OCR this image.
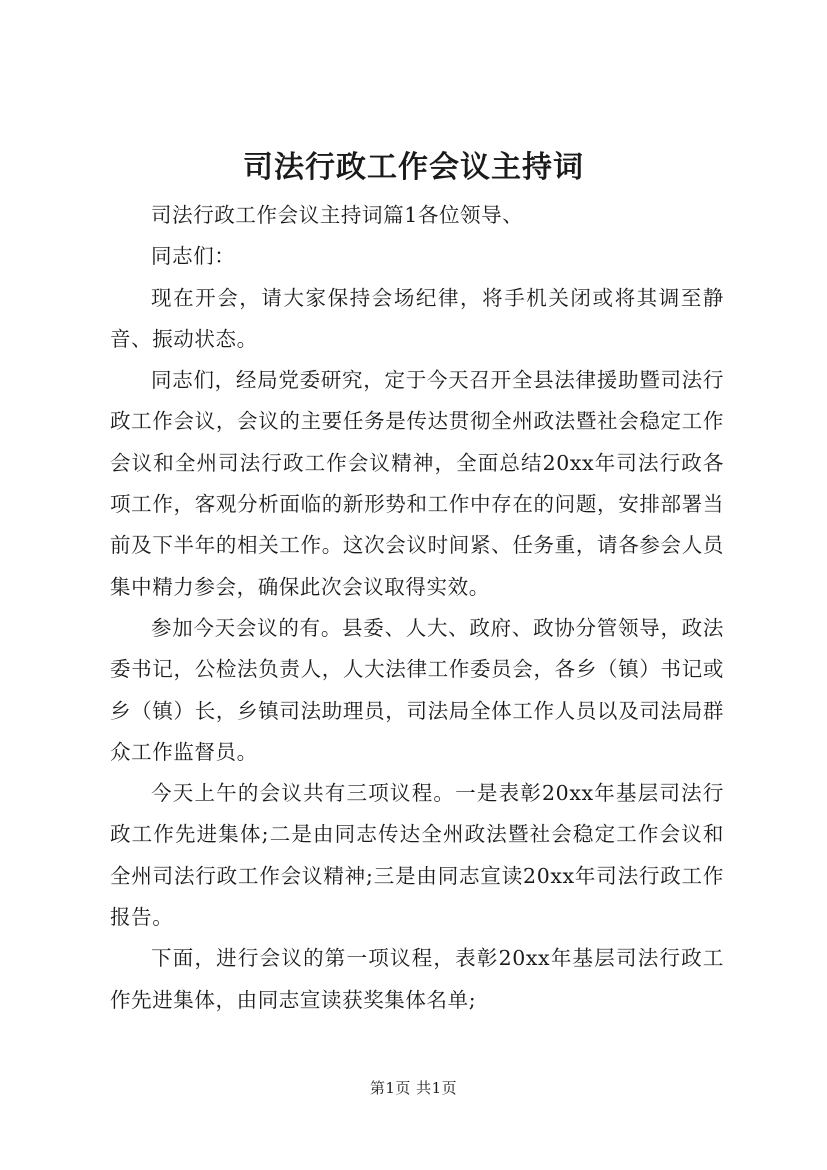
司法行政工作会议主持词

司法行政工作会议主持词篇1各位领导、

同志们：

现在开会，请大家保持会场纪律，将手机关闭或将其调至静音、振动状态。

同志们，经局党委研究，定于今天召开全县法律援助暨司法行政工作会议，会议的主要任务是传达贯彻全州政法暨社会稳定工作会议和全州司法行政工作会议精神，全面总结20xx年司法行政各项工作，客观分析面临的新形势和工作中存在的问题，安排部署当前及下半年的相关工作。这次会议时间紧、任务重，请各参会人员集中精力参会，确保此次会议取得实效。

参加今天会议的有。县委、人大、政府、政协分管领导，政法委书记，公检法负责人，人大法律工作委员会，各乡（镇）书记或乡（镇）长，乡镇司法助理员，司法局全体工作人员以及司法局群众工作监督员。

今天上午的会议共有三项议程。一是表彰20xx年基层司法行政工作先进集体;二是由同志传达全州政法暨社会稳定工作会议和全州司法行政工作会议精神;三是由同志宣读20xx年司法行政工作报告。

下面，进行会议的第一项议程，表彰20xx年基层司法行政工作先进集体，由同志宣读获奖集体名单;

第1页 共1页
